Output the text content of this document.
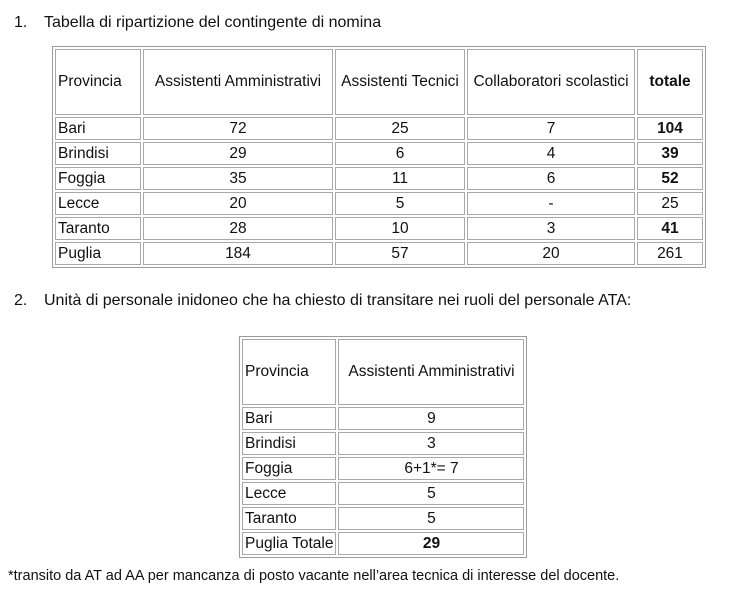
1. Tabella di ripartizione del contingente di nomina
Provincia	Assistenti Amministrativi	Assistenti Tecnici	Collaboratori scolastici	totale
Bari	72	25	7	104
Brindisi	29	6	4	39
Foggia	35	11	6	52
Lecce	20	5	-	25
Taranto	28	10	3	41
Puglia	184	57	20	261
2. Unità di personale inidoneo che ha chiesto di transitare nei ruoli del personale ATA:
Provincia	Assistenti Amministrativi
Bari	9
Brindisi	3
Foggia	6+1*= 7
Lecce	5
Taranto	5
Puglia Totale	29
*transito da AT ad AA per mancanza di posto vacante nell’area tecnica di interesse del docente.
